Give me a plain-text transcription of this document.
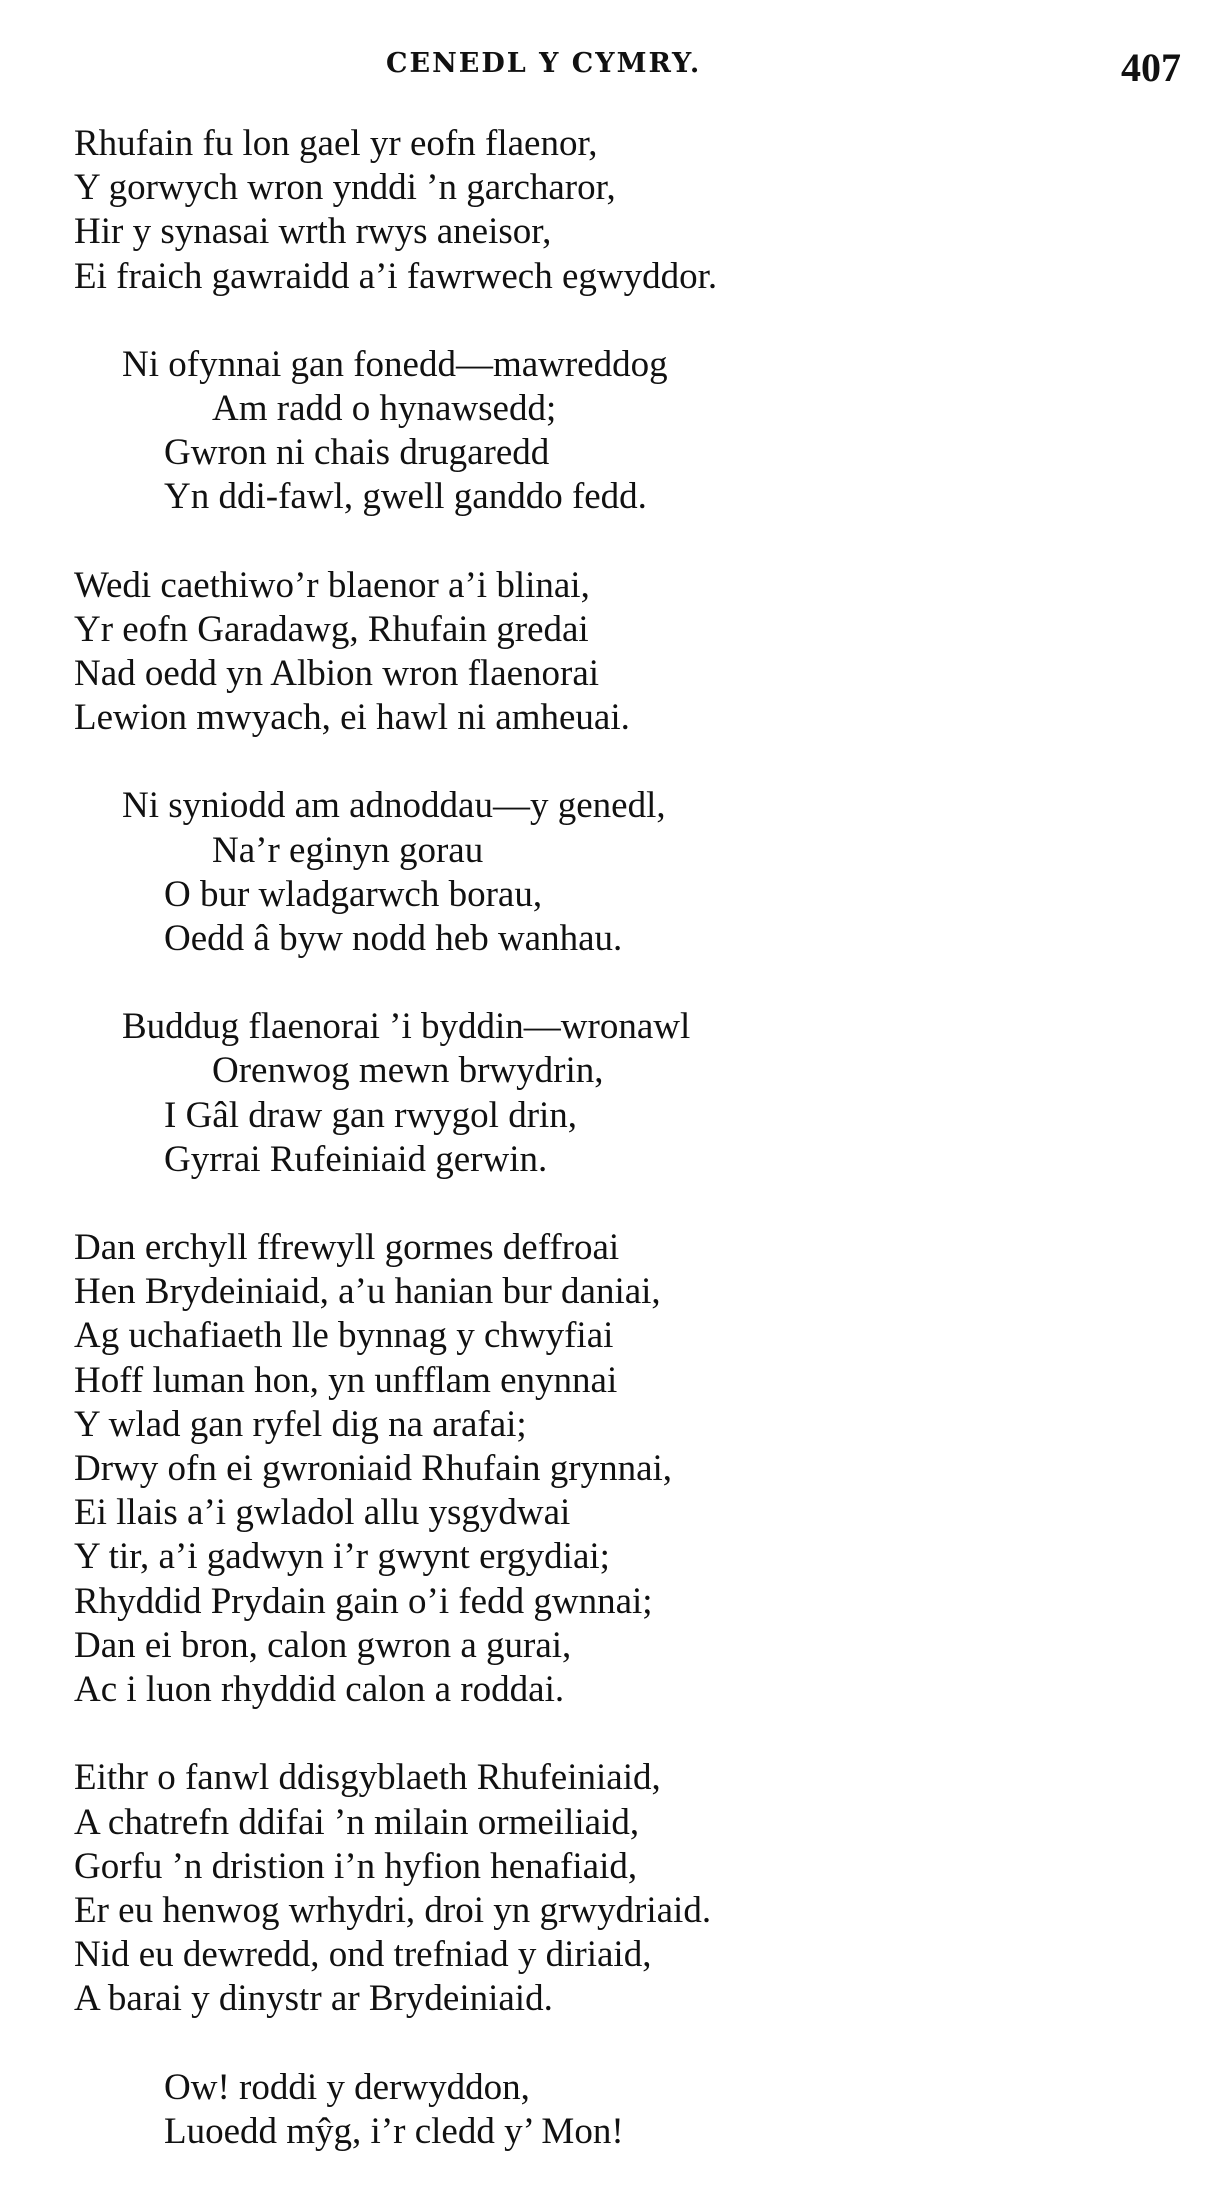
CENEDL Y CYMRY.	407
Rhufain fu lon gael yr eofn flaenor,
Y gorwych wron ynddi ’n garcharor,
Hir y synasai wrth rwys aneisor,
Ei fraich gawraidd a’i fawrwech egwyddor.
Ni ofynnai gan fonedd—mawreddog
Am radd o hynawsedd;
Gwron ni chais drugaredd
Yn ddi-fawl, gwell ganddo fedd.
Wedi caethiwo’r blaenor a’i blinai,
Yr eofn Garadawg, Rhufain gredai
Nad oedd yn Albion wron flaenorai
Lewion mwyach, ei hawl ni amheuai.
Ni syniodd am adnoddau—y genedl,
Na’r eginyn gorau
O bur wladgarwch borau,
Oedd â byw nodd heb wanhau.
Buddug flaenorai ’i byddin—wronawl
Orenwog mewn brwydrin,
I Gâl draw gan rwygol drin,
Gyrrai Rufeiniaid gerwin.
Dan erchyll ffrewyll gormes deffroai
Hen Brydeiniaid, a’u hanian bur daniai,
Ag uchafiaeth lle bynnag y chwyfiai
Hoff luman hon, yn unfflam enynnai
Y wlad gan ryfel dig na arafai;
Drwy ofn ei gwroniaid Rhufain grynnai,
Ei llais a’i gwladol allu ysgydwai
Y tir, a’i gadwyn i’r gwynt ergydiai;
Rhyddid Prydain gain o’i fedd gwnnai;
Dan ei bron, calon gwron a gurai,
Ac i luon rhyddid calon a roddai.
Eithr o fanwl ddisgyblaeth Rhufeiniaid,
A chatrefn ddifai ’n milain ormeiliaid,
Gorfu ’n dristion i’n hyfion henafiaid,
Er eu henwog wrhydri, droi yn grwydriaid.
Nid eu dewredd, ond trefniad y diriaid,
A barai y dinystr ar Brydeiniaid.
Ow! roddi y derwyddon,
Luoedd mŷg, i’r cledd y’ Mon!
